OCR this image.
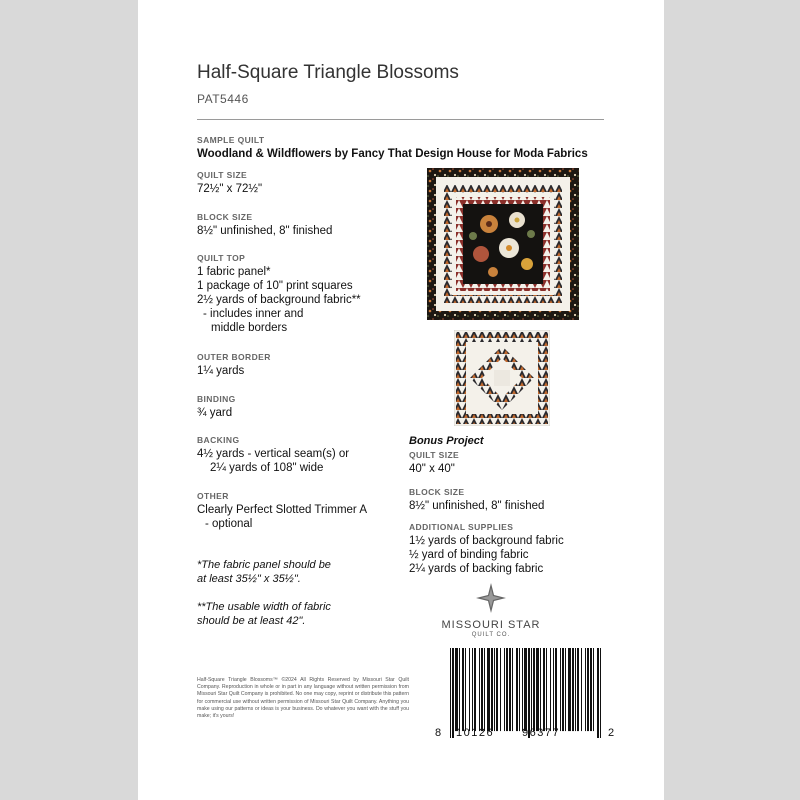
Half-Square Triangle Blossoms
PAT5446
SAMPLE QUILT
Woodland & Wildflowers by Fancy That Design House for Moda Fabrics
QUILT SIZE
72½" x 72½"
BLOCK SIZE
8½" unfinished, 8" finished
QUILT TOP
1 fabric panel*
1 package of 10" print squares
2½ yards of background fabric**
- includes inner and
middle borders
OUTER BORDER
1¼ yards
BINDING
¾ yard
BACKING
4½ yards - vertical seam(s) or
2¼ yards of 108" wide
OTHER
Clearly Perfect Slotted Trimmer A
- optional
*The fabric panel should be
at least 35½" x 35½".
**The usable width of fabric
should be at least 42".
Bonus Project
QUILT SIZE
40" x 40"
BLOCK SIZE
8½" unfinished, 8" finished
ADDITIONAL SUPPLIES
1½ yards of background fabric
½ yard of binding fabric
2¼ yards of backing fabric
MISSOURI STAR
QUILT CO.
Half-Square Triangle Blossoms™ ©2024 All Rights Reserved by Missouri Star Quilt Company. Reproduction in whole or in part in any language without written permission from Missouri Star Quilt Company is prohibited. No one may copy, reprint or distribute this pattern for commercial use without written permission of Missouri Star Quilt Company. Anything you make using our patterns or ideas is your business. Do whatever you want with the stuff you make; it's yours!
8 10126	96377	2
